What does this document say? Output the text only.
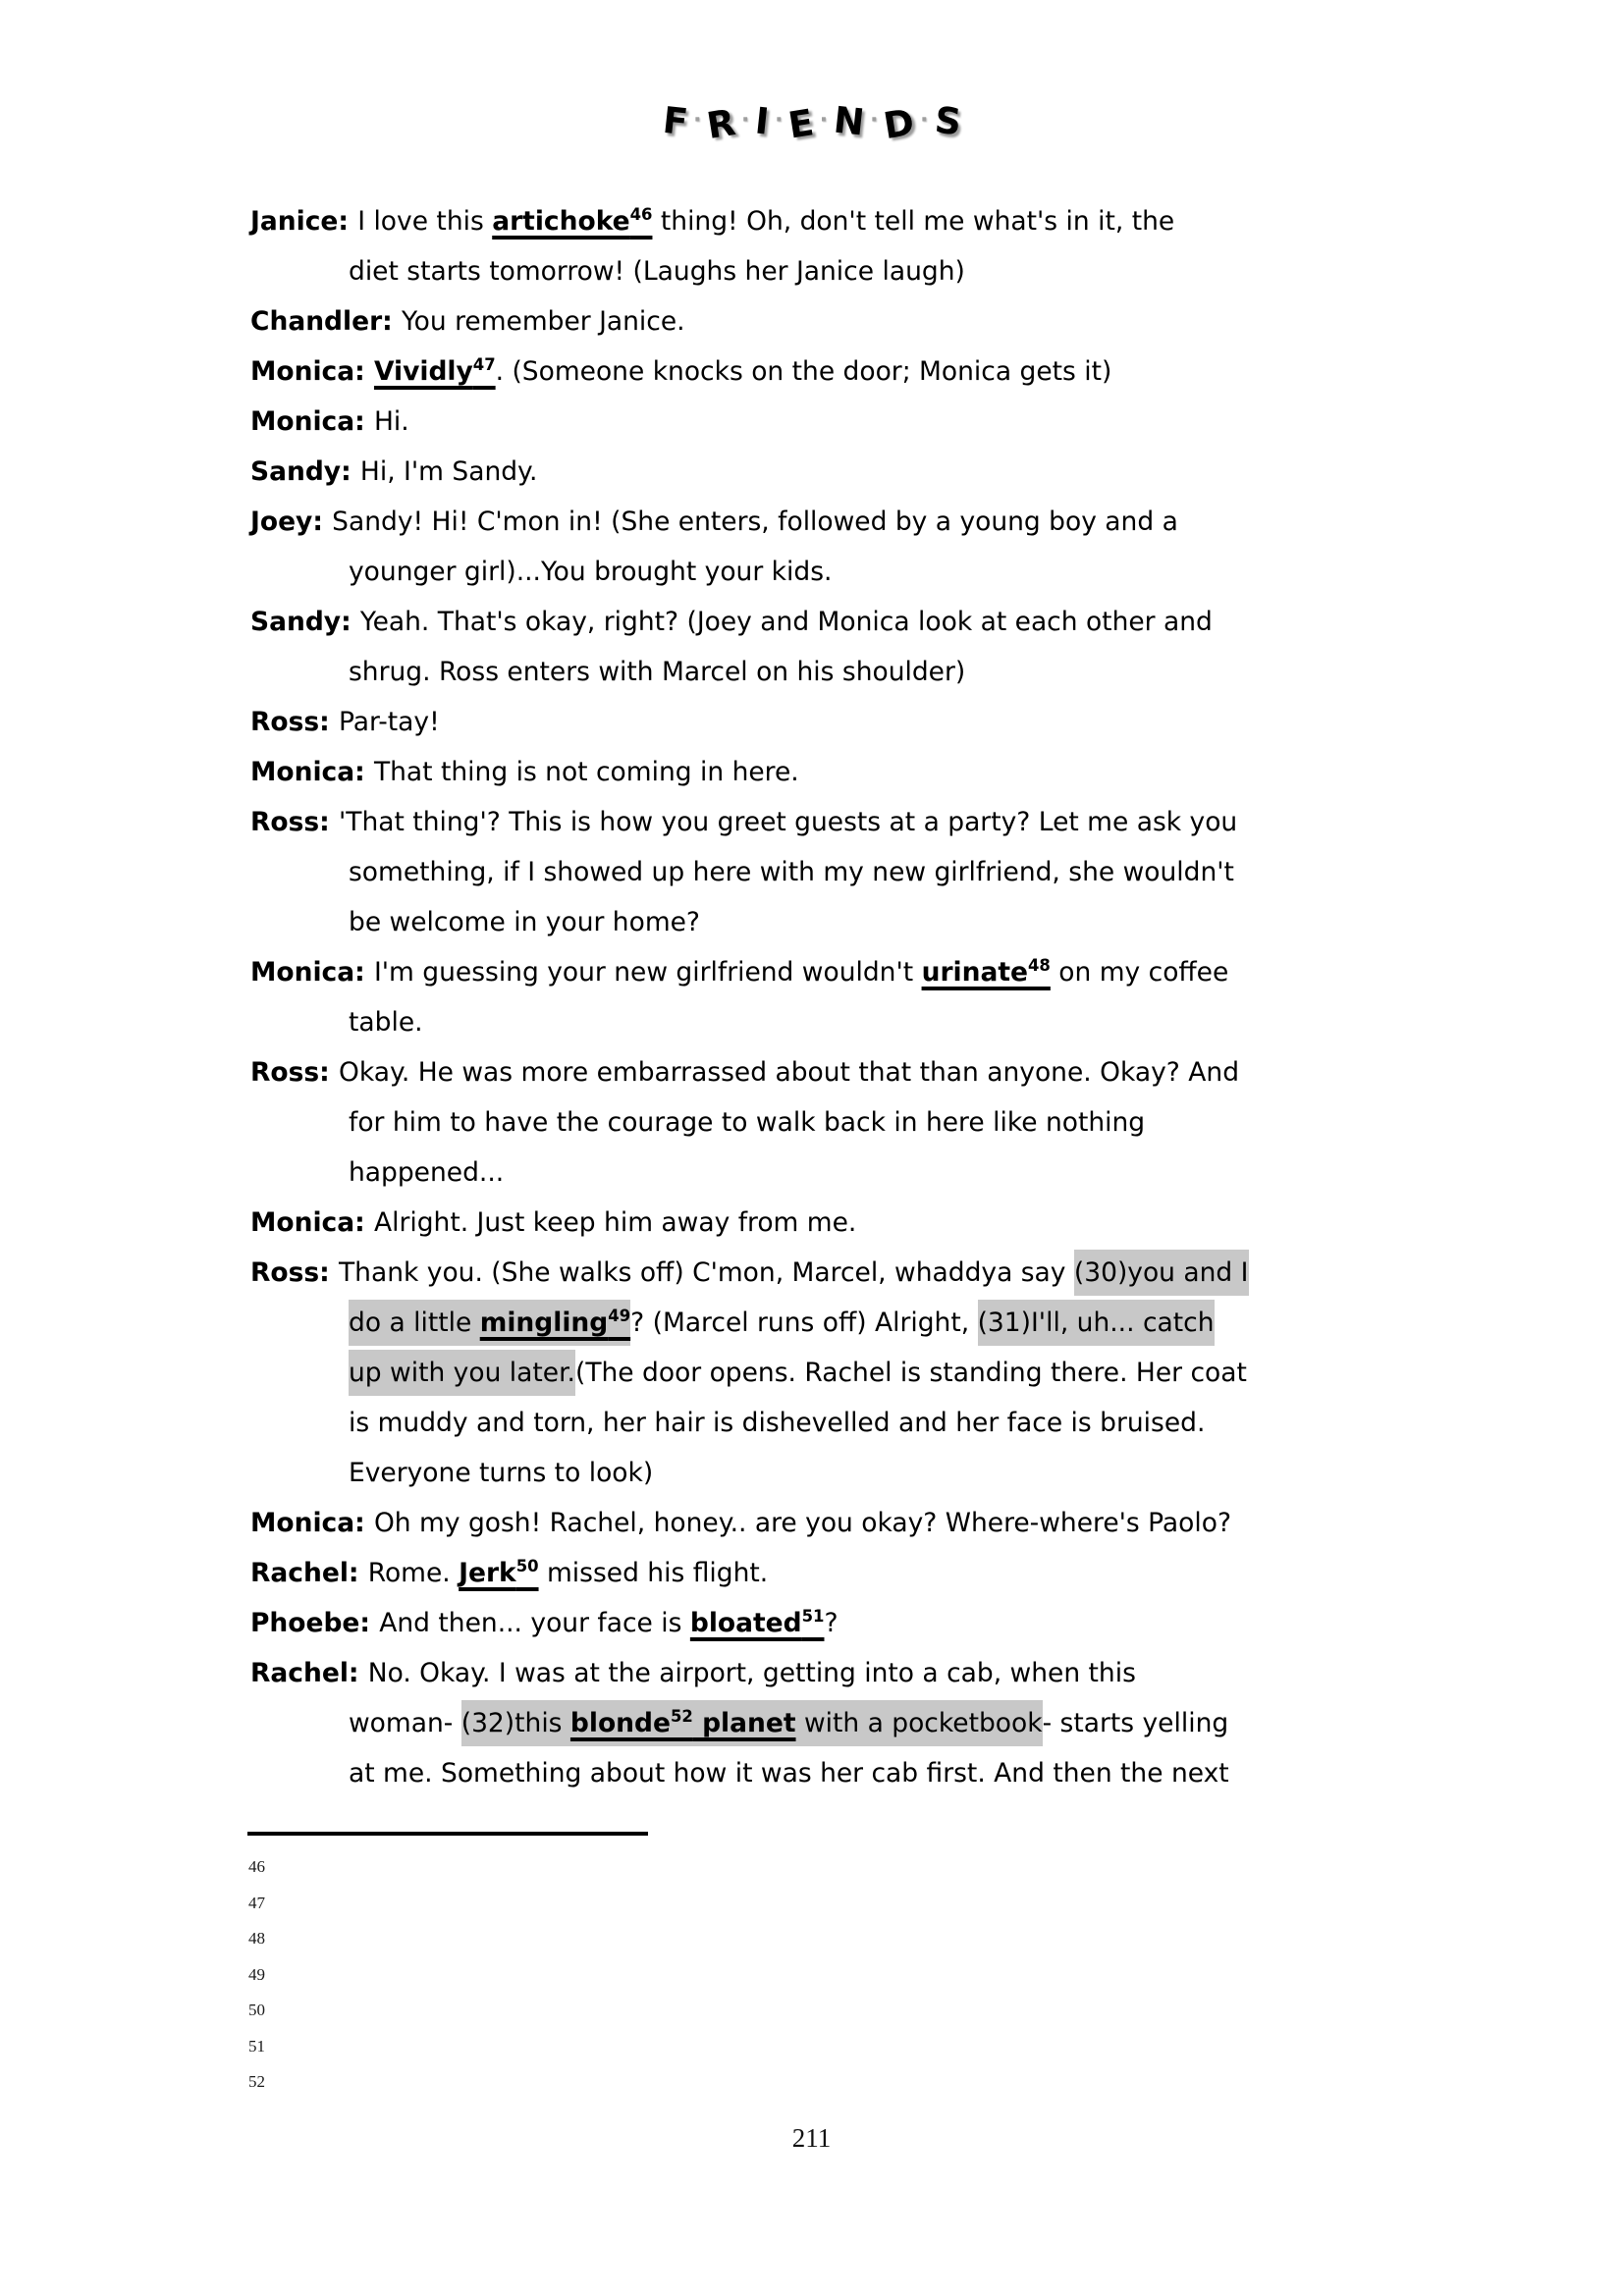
F ·R · I ·E · N ·D · S
Janice: I love this artichoke$^{46}$ thing! Oh, don't tell me what's in it, the
diet starts tomorrow! (Laughs her Janice laugh)
Chandler: You remember Janice.
Monica: Vividly$^{47}$. (Someone knocks on the door; Monica gets it)
Monica: Hi.
Sandy: Hi, I'm Sandy.
Joey: Sandy! Hi! C'mon in! (She enters, followed by a young boy and a
younger girl)...You brought your kids.
Sandy: Yeah. That's okay, right? (Joey and Monica look at each other and
shrug. Ross enters with Marcel on his shoulder)
Ross: Par-tay!
Monica: That thing is not coming in here.
Ross: 'That thing'? This is how you greet guests at a party? Let me ask you
something, if I showed up here with my new girlfriend, she wouldn't
be welcome in your home?
Monica: I'm guessing your new girlfriend wouldn't urinate$^{48}$ on my coffee
table.
Ross: Okay. He was more embarrassed about that than anyone. Okay? And
for him to have the courage to walk back in here like nothing
happened...
Monica: Alright. Just keep him away from me.
Ross: Thank you. (She walks off) C'mon, Marcel, whaddya say (30)you and I
do a little mingling$^{49}$? (Marcel runs off) Alright, (31)I'll, uh... catch
up with you later.(The door opens. Rachel is standing there. Her coat
is muddy and torn, her hair is dishevelled and her face is bruised.
Everyone turns to look)
Monica: Oh my gosh! Rachel, honey.. are you okay? Where-where's Paolo?
Rachel: Rome. Jerk$^{50}$ missed his flight.
Phoebe: And then... your face is bloated$^{51}$?
Rachel: No. Okay. I was at the airport, getting into a cab, when this
woman- (32)this blonde$^{52}$ planet with a pocketbook- starts yelling
at me. Something about how it was her cab first. And then the next
46
47
48
49
50
51
52
211
